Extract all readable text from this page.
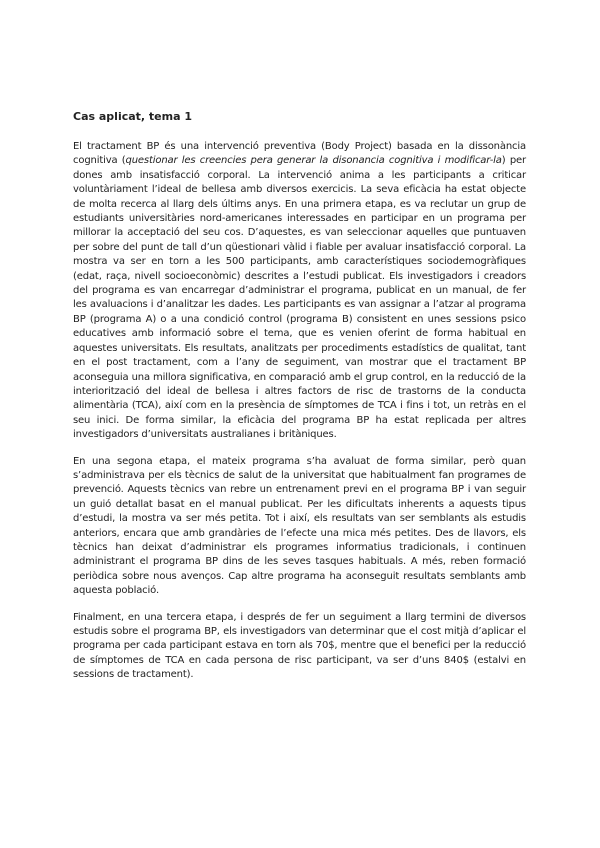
Cas aplicat, tema 1

El tractament BP és una intervenció preventiva (Body Project) basada en la dissonància cognitiva (questionar les creencies pera generar la disonancia cognitiva i modificar-la) per dones amb insatisfacció corporal. La intervenció anima a les participants a criticar voluntàriament l’ideal de bellesa amb diversos exercicis. La seva eficàcia ha estat objecte de molta recerca al llarg dels últims anys. En una primera etapa, es va reclutar un grup de estudiants universitàries nord-americanes interessades en participar en un programa per millorar la acceptació del seu cos. D’aquestes, es van seleccionar aquelles que puntuaven per sobre del punt de tall d’un qüestionari vàlid i fiable per avaluar insatisfacció corporal. La mostra va ser en torn a les 500 participants, amb característiques sociodemogràfiques (edat, raça, nivell socioeconòmic) descrites a l’estudi publicat. Els investigadors i creadors del programa es van encarregar d’administrar el programa, publicat en un manual, de fer les avaluacions i d’analitzar les dades. Les participants es van assignar a l’atzar al programa BP (programa A) o a una condició control (programa B) consistent en unes sessions psico educatives amb informació sobre el tema, que es venien oferint de forma habitual en aquestes universitats. Els resultats, analitzats per procediments estadístics de qualitat, tant en el post tractament, com a l’any de seguiment, van mostrar que el tractament BP aconseguia una millora significativa, en comparació amb el grup control, en la reducció de la interiorització del ideal de bellesa i altres factors de risc de trastorns de la conducta alimentària (TCA), així com en la presència de símptomes de TCA i fins i tot, un retràs en el seu inici. De forma similar, la eficàcia del programa BP ha estat replicada per altres investigadors d’universitats australianes i britàniques.

En una segona etapa, el mateix programa s’ha avaluat de forma similar, però quan s’administrava per els tècnics de salut de la universitat que habitualment fan programes de prevenció. Aquests tècnics van rebre un entrenament previ en el programa BP i van seguir un guió detallat basat en el manual publicat. Per les dificultats inherents a aquests tipus d’estudi, la mostra va ser més petita. Tot i així, els resultats van ser semblants als estudis anteriors, encara que amb grandàries de l’efecte una mica més petites. Des de llavors, els tècnics han deixat d’administrar els programes informatius tradicionals, i continuen administrant el programa BP dins de les seves tasques habituals. A més, reben formació periòdica sobre nous avenços. Cap altre programa ha aconseguit resultats semblants amb aquesta població.

Finalment, en una tercera etapa, i després de fer un seguiment a llarg termini de diversos estudis sobre el programa BP, els investigadors van determinar que el cost mitjà d’aplicar el programa per cada participant estava en torn als 70$, mentre que el benefici per la reducció de símptomes de TCA en cada persona de risc participant, va ser d’uns 840$ (estalvi en sessions de tractament).
